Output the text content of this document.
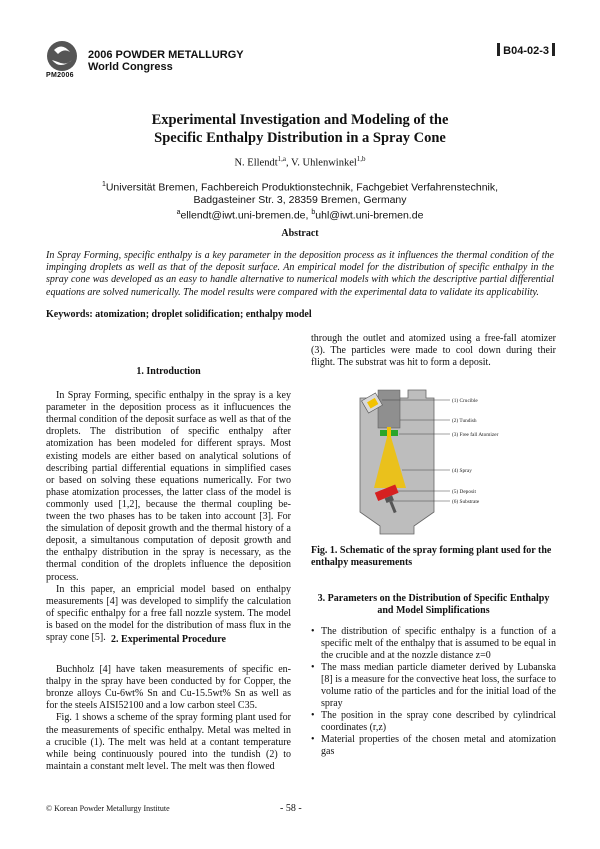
2006 POWDER METALLURGY
World Congress
PM2006
B04-02-3
Experimental Investigation and Modeling of the
Specific Enthalpy Distribution in a Spray Cone
N. Ellendt$^{1,a}$, V. Uhlenwinkel$^{1,b}$
$^1$Universität Bremen, Fachbereich Produktionstechnik, Fachgebiet Verfahrenstechnik,
Badgasteiner Str. 3, 28359 Bremen, Germany
$^a$ellendt@iwt.uni-bremen.de, $^b$uhl@iwt.uni-bremen.de
Abstract
In Spray Forming, specific enthalpy is a key parameter in the deposition process as it influences the thermal condition of the impinging droplets as well as that of the deposit surface. An empirical model for the distribution of specific enthalpy in the spray cone was developed as an easy to handle alternative to numerical models with which the descriptive partial differential equations are solved numerically. The model results were compared with the experimental data to validate its applicability.
Keywords: atomization; droplet solidification; enthalpy model
1. Introduction

In Spray Forming, specific enthalpy in the spray is a key parameter in the deposition process as it influcuences the thermal condition of the deposit surface as well as that of the droplets. The distribution of specific enthalpy after atomization has been modeled for different sprays. Most existing models are either based on analytical solutions of describing partial differential equations in simplified cases or based on solving these equations numerically. For two phase atomization processes, the latter class of the model is commonly used [1,2], because the thermal coupling be-tween the two phases has to be taken into account [3]. For the simulation of deposit growth and the thermal history of a deposit, a simultanous computation of deposit growth and the enthalpy distribution in the spray is necessary, as the thermal condition of the droplets influence the deposition process.

In this paper, an empricial model based on enthalpy measurements [4] was developed to simplify the calculation of specific enthalpy for a free fall nozzle system. The model is based on the model for the distribution of mass flux in the spray cone [5]. 2. Experimental Procedure

Buchholz [4] have taken measurements of specific en-thalpy in the spray have been conducted by for Copper, the bronze alloys Cu-6wt% Sn and Cu-15.5wt% Sn as well as for the steels AISI52100 and a low carbon steel C35.

Fig. 1 shows a scheme of the spray forming plant used for the measurements of specific enthalpy. Metal was melted in a crucible (1). The melt was held at a contant temperature while being continuously poured into the tundish (2) to maintain a constant melt level. The melt was then flowed

through the outlet and atomized using a free-fall atomizer (3). The particles were made to cool down during their flight. The substrat was hit to form a deposit.

(1) Crucible
(2) Tundish
(3) Free fall Atomizer
(4) Spray
(5) Deposit
(6) Substrate
Fig. 1. Schematic of the spray forming plant used for the enthalpy measurements
3. Parameters on the Distribution of Specific Enthalpy
and Model Simplifications
• The distribution of specific enthalpy is a function of a specific melt of the enthalpy that is assumed to be equal in the crucible and at the nozzle distance z=0
• The mass median particle diameter derived by Lubanska [8] is a measure for the convective heat loss, the surface to volume ratio of the particles and for the initial load of the spray
• The position in the spray cone described by cylindrical coordinates (r,z)
• Material properties of the chosen metal and atomization gas
© Korean Powder Metallurgy Institute	- 58 -
